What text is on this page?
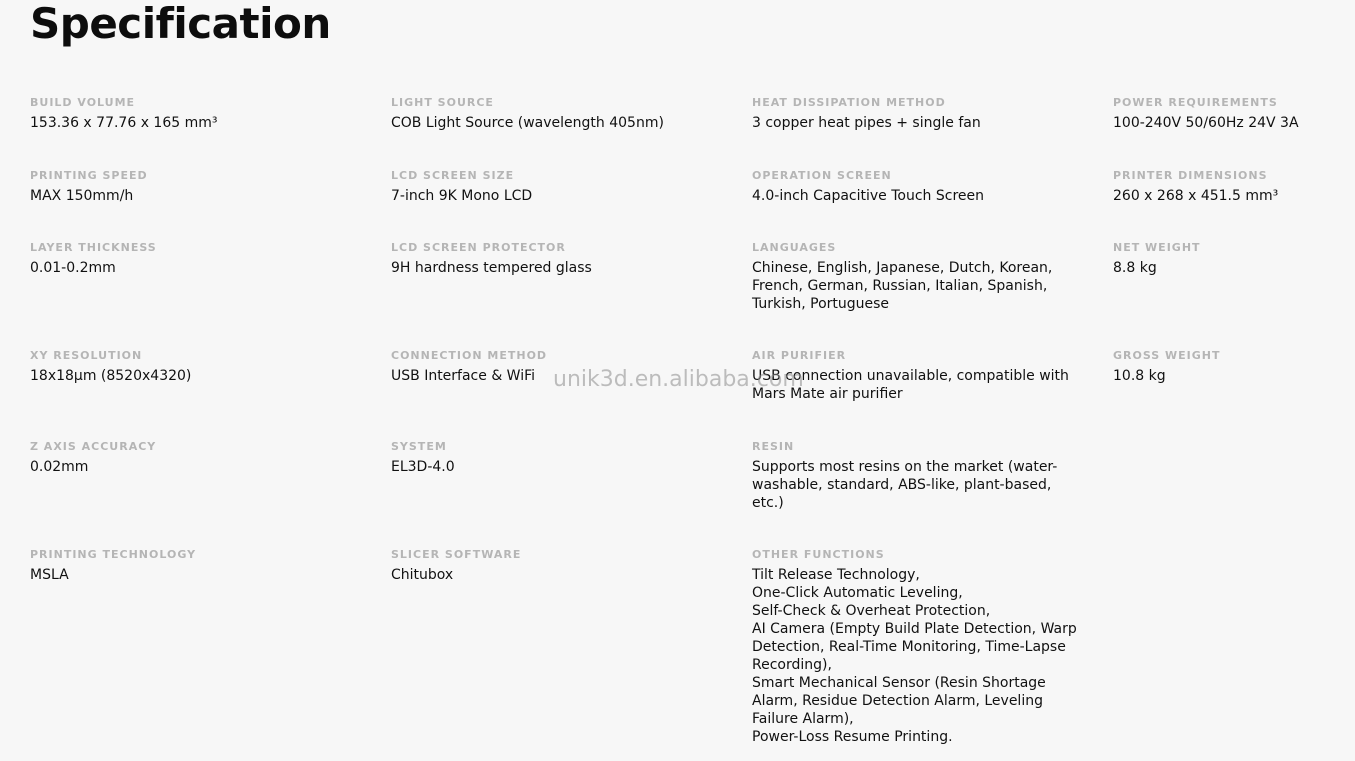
Specification
BUILD VOLUME
153.36 x 77.76 x 165 mm³
LIGHT SOURCE
COB Light Source (wavelength 405nm)
HEAT DISSIPATION METHOD
3 copper heat pipes + single fan
POWER REQUIREMENTS
100-240V 50/60Hz 24V 3A
PRINTING SPEED
MAX 150mm/h
LCD SCREEN SIZE
7-inch 9K Mono LCD
OPERATION SCREEN
4.0-inch Capacitive Touch Screen
PRINTER DIMENSIONS
260 x 268 x 451.5 mm³
LAYER THICKNESS
0.01-0.2mm
LCD SCREEN PROTECTOR
9H hardness tempered glass
LANGUAGES
Chinese, English, Japanese, Dutch, Korean,
French, German, Russian, Italian, Spanish,
Turkish, Portuguese
NET WEIGHT
8.8 kg
XY RESOLUTION
18x18μm (8520x4320)
CONNECTION METHOD
USB Interface & WiFi
AIR PURIFIER
USB connection unavailable, compatible with
Mars Mate air purifier
GROSS WEIGHT
10.8 kg
Z AXIS ACCURACY
0.02mm
SYSTEM
EL3D-4.0
RESIN
Supports most resins on the market (water-
washable, standard, ABS-like, plant-based,
etc.)
PRINTING TECHNOLOGY
MSLA
SLICER SOFTWARE
Chitubox
OTHER FUNCTIONS
Tilt Release Technology,
One-Click Automatic Leveling,
Self-Check & Overheat Protection,
AI Camera (Empty Build Plate Detection, Warp
Detection, Real-Time Monitoring, Time-Lapse
Recording),
Smart Mechanical Sensor (Resin Shortage
Alarm, Residue Detection Alarm, Leveling
Failure Alarm),
Power-Loss Resume Printing.
unik3d.en.alibaba.com
